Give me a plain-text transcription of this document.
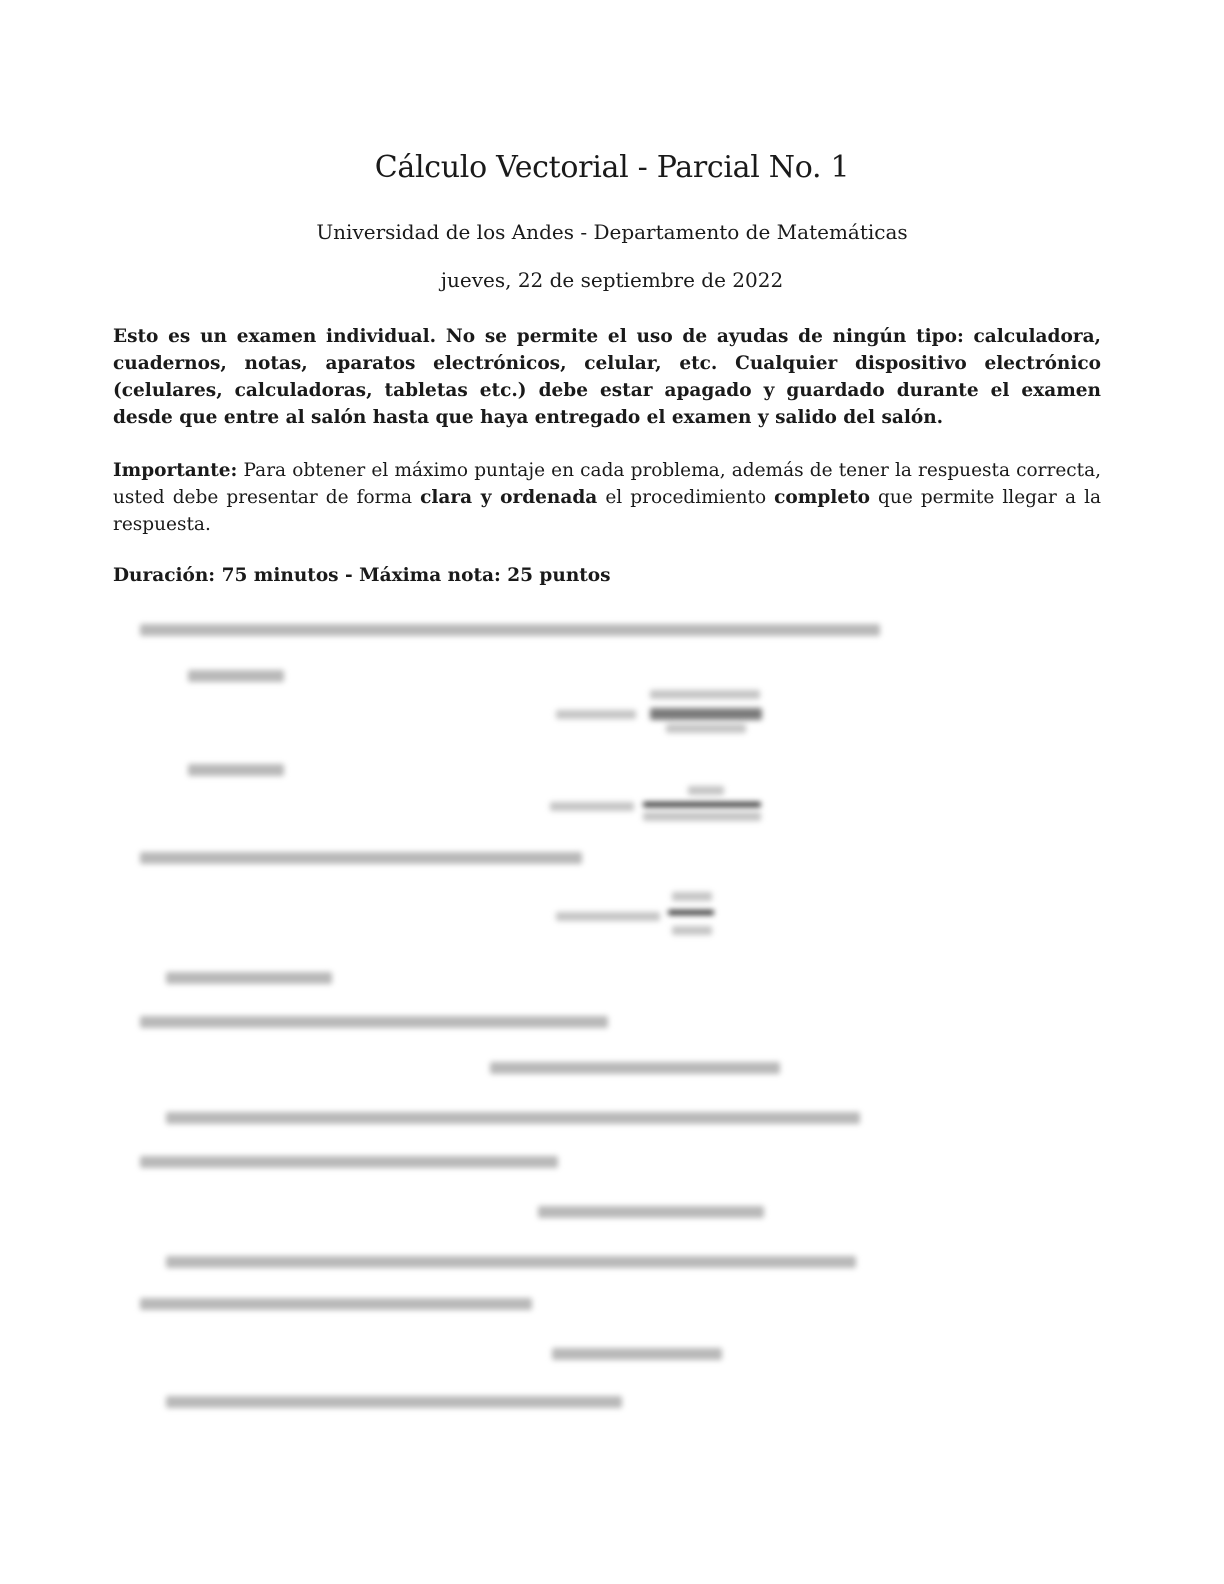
Cálculo Vectorial - Parcial No. 1
Universidad de los Andes - Departamento de Matemáticas
jueves, 22 de septiembre de 2022

Esto es un examen individual. No se permite el uso de ayudas de ningún tipo: calculadora, cuadernos, notas, aparatos electrónicos, celular, etc. Cualquier dispositivo electrónico (celulares, calculadoras, tabletas etc.) debe estar apagado y guardado durante el examen desde que entre al salón hasta que haya entregado el examen y salido del salón.

Importante: Para obtener el máximo puntaje en cada problema, además de tener la respuesta correcta, usted debe presentar de forma clara y ordenada el procedimiento completo que permite llegar a la respuesta.

Duración: 75 minutos - Máxima nota: 25 puntos
